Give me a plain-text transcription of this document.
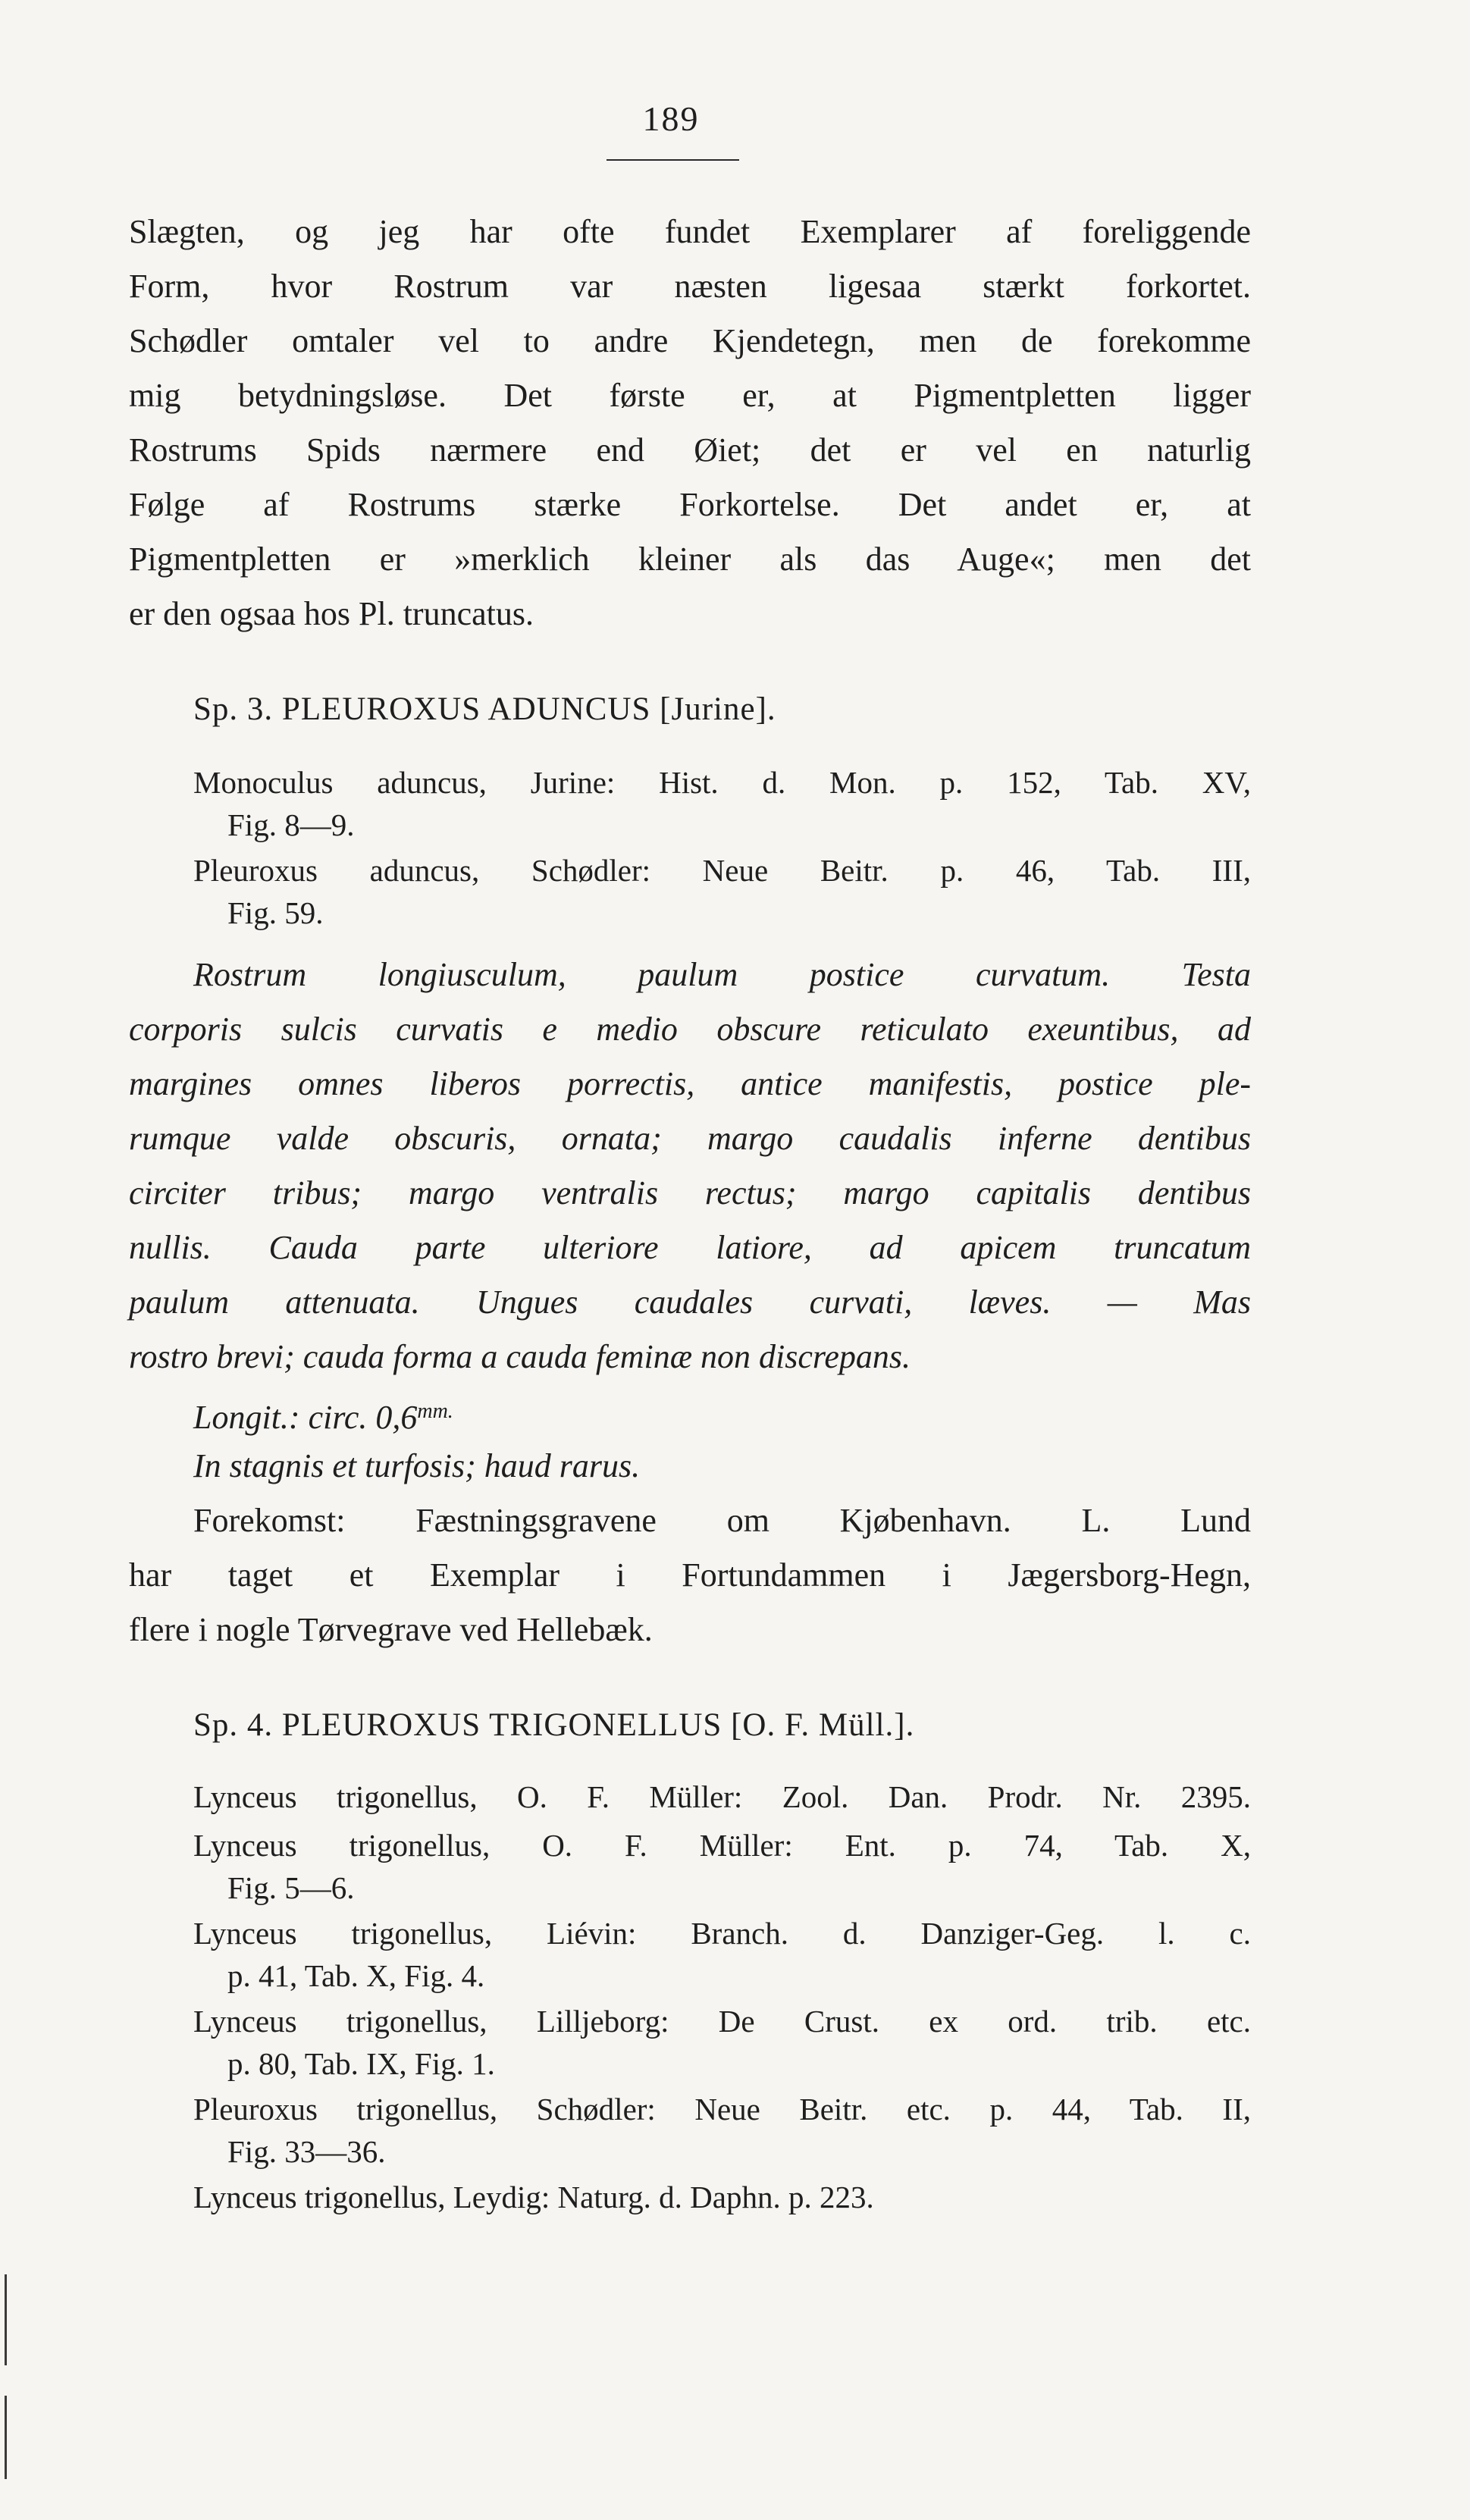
189
Slægten, og jeg har ofte fundet Exemplarer af foreliggende
Form, hvor Rostrum var næsten ligesaa stærkt forkortet.
Schødler omtaler vel to andre Kjendetegn, men de forekomme
mig betydningsløse. Det første er, at Pigmentpletten ligger
Rostrums Spids nærmere end Øiet; det er vel en naturlig
Følge af Rostrums stærke Forkortelse. Det andet er, at
Pigmentpletten er »merklich kleiner als das Auge«; men det
er den ogsaa hos Pl. truncatus.
Sp. 3. PLEUROXUS ADUNCUS [Jurine].
Monoculus aduncus, Jurine: Hist. d. Mon. p. 152, Tab. XV,
Fig. 8—9.
Pleuroxus aduncus, Schødler: Neue Beitr. p. 46, Tab. III,
Fig. 59.
Rostrum longiusculum, paulum postice curvatum. Testa
corporis sulcis curvatis e medio obscure reticulato exeuntibus, ad
margines omnes liberos porrectis, antice manifestis, postice ple-
rumque valde obscuris, ornata; margo caudalis inferne dentibus
circiter tribus; margo ventralis rectus; margo capitalis dentibus
nullis. Cauda parte ulteriore latiore, ad apicem truncatum
paulum attenuata. Ungues caudales curvati, læves. — Mas
rostro brevi; cauda forma a cauda feminæ non discrepans.
Longit.: circ. $0,6^{mm.}$
In stagnis et turfosis; haud rarus.
Forekomst: Fæstningsgravene om Kjøbenhavn. L. Lund
har taget et Exemplar i Fortundammen i Jægersborg-Hegn,
flere i nogle Tørvegrave ved Hellebæk.
Sp. 4. PLEUROXUS TRIGONELLUS [O. F. Müll.].
Lynceus trigonellus, O. F. Müller: Zool. Dan. Prodr. Nr. 2395.
Lynceus trigonellus, O. F. Müller: Ent. p. 74, Tab. X,
Fig. 5—6.
Lynceus trigonellus, Liévin: Branch. d. Danziger-Geg. l. c.
p. 41, Tab. X, Fig. 4.
Lynceus trigonellus, Lilljeborg: De Crust. ex ord. trib. etc.
p. 80, Tab. IX, Fig. 1.
Pleuroxus trigonellus, Schødler: Neue Beitr. etc. p. 44, Tab. II,
Fig. 33—36.
Lynceus trigonellus, Leydig: Naturg. d. Daphn. p. 223.
